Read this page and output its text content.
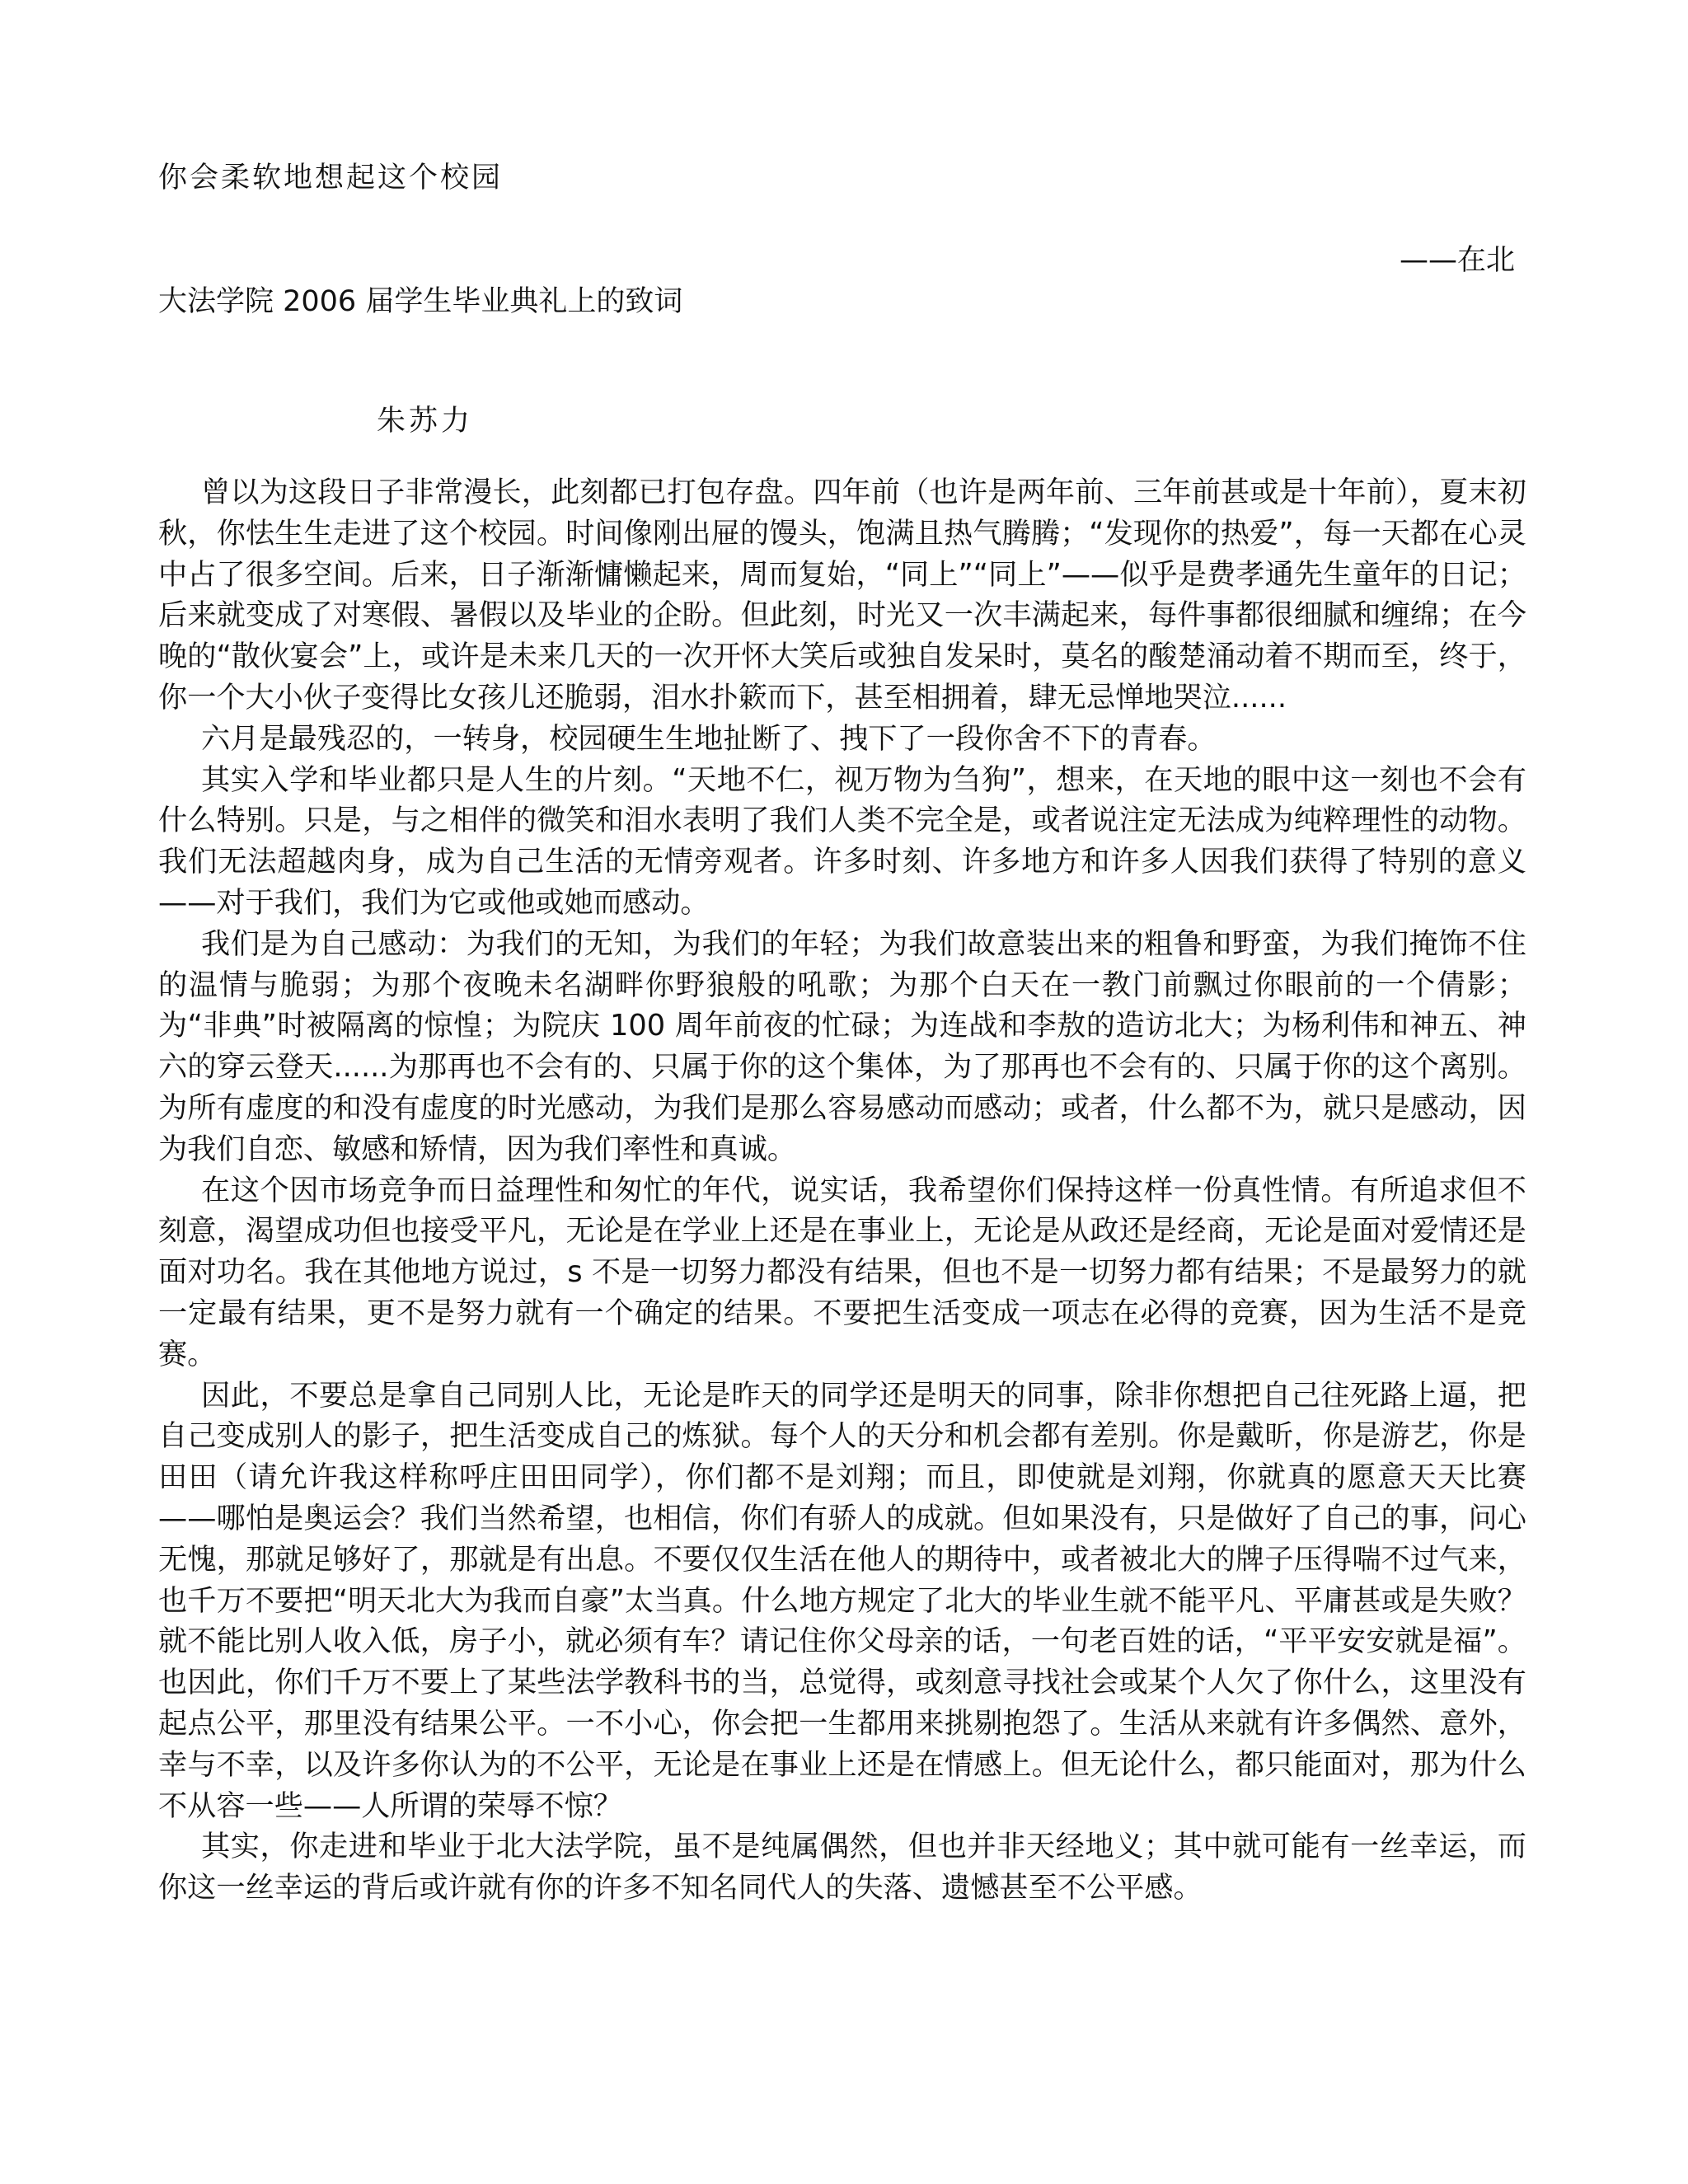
你会柔软地想起这个校园
——在北
大法学院 2006 届学生毕业典礼上的致词
朱苏力

曾以为这段日子非常漫长，此刻都已打包存盘。四年前（也许是两年前、三年前甚或是十年前），夏末初秋，你怯生生走进了这个校园。时间像刚出屉的馒头，饱满且热气腾腾；“发现你的热爱”，每一天都在心灵中占了很多空间。后来，日子渐渐慵懒起来，周而复始，“同上”“同上”——似乎是费孝通先生童年的日记；后来就变成了对寒假、暑假以及毕业的企盼。但此刻，时光又一次丰满起来，每件事都很细腻和缠绵；在今晚的“散伙宴会”上，或许是未来几天的一次开怀大笑后或独自发呆时，莫名的酸楚涌动着不期而至，终于，你一个大小伙子变得比女孩儿还脆弱，泪水扑簌而下，甚至相拥着，肆无忌惮地哭泣......

六月是最残忍的，一转身，校园硬生生地扯断了、拽下了一段你舍不下的青春。

其实入学和毕业都只是人生的片刻。“天地不仁，视万物为刍狗”，想来，在天地的眼中这一刻也不会有什么特别。只是，与之相伴的微笑和泪水表明了我们人类不完全是，或者说注定无法成为纯粹理性的动物。我们无法超越肉身，成为自己生活的无情旁观者。许多时刻、许多地方和许多人因我们获得了特别的意义——对于我们，我们为它或他或她而感动。

我们是为自己感动：为我们的无知，为我们的年轻；为我们故意装出来的粗鲁和野蛮，为我们掩饰不住的温情与脆弱；为那个夜晚未名湖畔你野狼般的吼歌；为那个白天在一教门前飘过你眼前的一个倩影；为“非典”时被隔离的惊惶；为院庆 100 周年前夜的忙碌；为连战和李敖的造访北大；为杨利伟和神五、神六的穿云登天......为那再也不会有的、只属于你的这个集体，为了那再也不会有的、只属于你的这个离别。为所有虚度的和没有虚度的时光感动，为我们是那么容易感动而感动；或者，什么都不为，就只是感动，因为我们自恋、敏感和矫情，因为我们率性和真诚。

在这个因市场竞争而日益理性和匆忙的年代，说实话，我希望你们保持这样一份真性情。有所追求但不刻意，渴望成功但也接受平凡，无论是在学业上还是在事业上，无论是从政还是经商，无论是面对爱情还是面对功名。我在其他地方说过，s 不是一切努力都没有结果，但也不是一切努力都有结果；不是最努力的就一定最有结果，更不是努力就有一个确定的结果。不要把生活变成一项志在必得的竞赛，因为生活不是竞赛。

因此，不要总是拿自己同别人比，无论是昨天的同学还是明天的同事，除非你想把自己往死路上逼，把自己变成别人的影子，把生活变成自己的炼狱。每个人的天分和机会都有差别。你是戴昕，你是游艺，你是田田（请允许我这样称呼庄田田同学），你们都不是刘翔；而且，即使就是刘翔，你就真的愿意天天比赛——哪怕是奥运会？我们当然希望，也相信，你们有骄人的成就。但如果没有，只是做好了自己的事，问心无愧，那就足够好了，那就是有出息。不要仅仅生活在他人的期待中，或者被北大的牌子压得喘不过气来，也千万不要把“明天北大为我而自豪”太当真。什么地方规定了北大的毕业生就不能平凡、平庸甚或是失败？就不能比别人收入低，房子小，就必须有车？请记住你父母亲的话，一句老百姓的话，“平平安安就是福”。也因此，你们千万不要上了某些法学教科书的当，总觉得，或刻意寻找社会或某个人欠了你什么，这里没有起点公平，那里没有结果公平。一不小心，你会把一生都用来挑剔抱怨了。生活从来就有许多偶然、意外，幸与不幸，以及许多你认为的不公平，无论是在事业上还是在情感上。但无论什么，都只能面对，那为什么不从容一些——人所谓的荣辱不惊？

其实，你走进和毕业于北大法学院，虽不是纯属偶然，但也并非天经地义；其中就可能有一丝幸运，而你这一丝幸运的背后或许就有你的许多不知名同代人的失落、遗憾甚至不公平感。
